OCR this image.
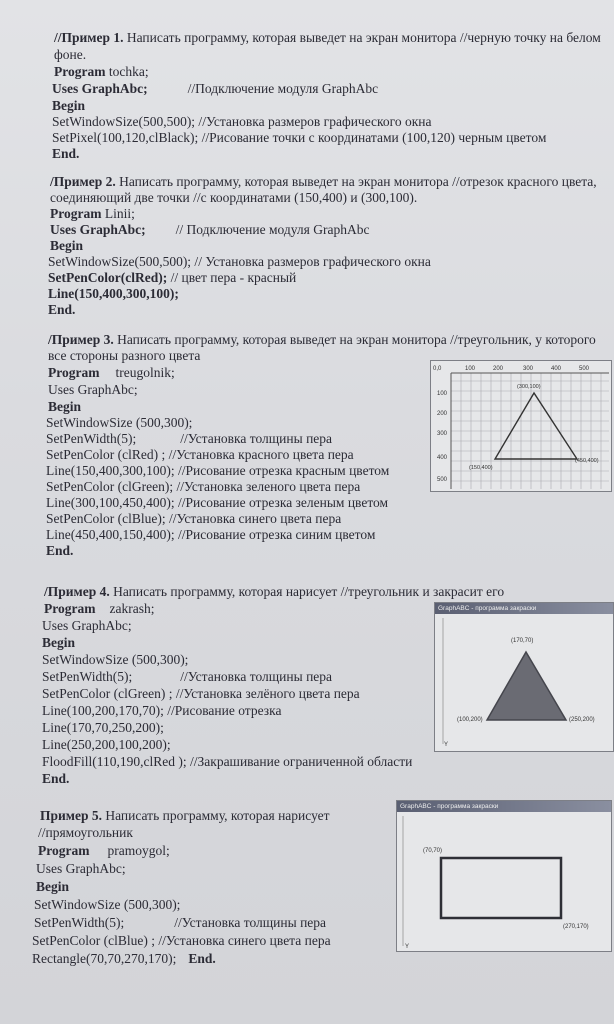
//Пример 1. Написать программу, которая выведет на экран монитора //черную точку на белом
фоне.
Program tochka;
Uses GraphAbc;	//Подключение модуля GraphAbc
Begin
SetWindowSize(500,500); //Установка размеров графического окна
SetPixel(100,120,clBlack); //Рисование точки с координатами (100,120) черным цветом
End.
/Пример 2. Написать программу, которая выведет на экран монитора //отрезок красного цвета,
соединяющий две точки //с координатами (150,400) и (300,100).
Program Linii;
Uses GraphAbc; // Подключение модуля GraphAbc
Begin
SetWindowSize(500,500); // Установка размеров графического окна
SetPenColor(clRed); // цвет пера - красный
Line(150,400,300,100);
End.
/Пример 3. Написать программу, которая выведет на экран монитора //треугольник, у которого
все стороны разного цвета
Program treugolnik;
Uses GraphAbc;
Begin
SetWindowSize (500,300);
SetPenWidth(5);	//Установка толщины пера
SetPenColor (clRed) ; //Установка красного цвета пера
Line(150,400,300,100); //Рисование отрезка красным цветом
SetPenColor (clGreen); //Установка зеленого цвета пера
Line(300,100,450,400); //Рисование отрезка зеленым цветом
SetPenColor (clBlue); //Установка синего цвета пера
Line(450,400,150,400); //Рисование отрезка синим цветом
End.
0,0	100	200	300	400	500
100
200
300
400
500
(300,100)
(150,400)
(450,400)
/Пример 4. Написать программу, которая нарисует //треугольник и закрасит его
Program zakrash;
Uses GraphAbc;
Begin
SetWindowSize (500,300);
SetPenWidth(5);	//Установка толщины пера
SetPenColor (clGreen) ; //Установка зелёного цвета пера
Line(100,200,170,70); //Рисование отрезка
Line(170,70,250,200);
Line(250,200,100,200);
FloodFill(110,190,clRed ); //Закрашивание ограниченной области
End.
GraphABC - программа закраски
Y
(170,70)
(100,200)	(250,200)
Пример 5. Написать программу, которая нарисует
//прямоугольник
Program pramoygol;
Uses GraphAbc;
Begin
SetWindowSize (500,300);
SetPenWidth(5);	//Установка толщины пера
SetPenColor (clBlue) ; //Установка синего цвета пера
Rectangle(70,70,270,170); End.
GraphABC - программа закраски
Y
(70,70)
(270,170)
